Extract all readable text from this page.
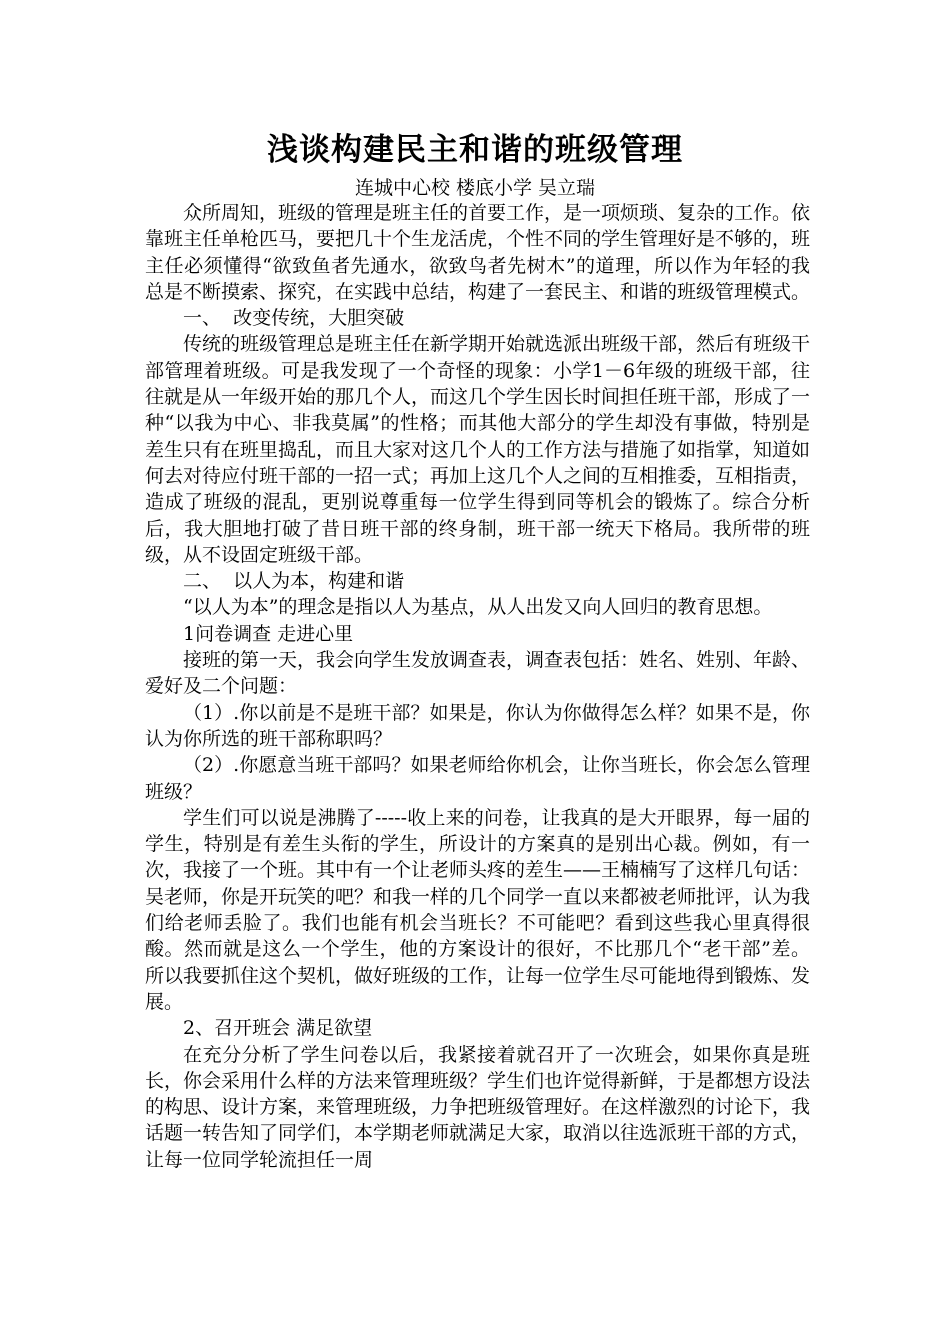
浅谈构建民主和谐的班级管理
连城中心校 楼底小学 吴立瑞

众所周知，班级的管理是班主任的首要工作，是一项烦琐、复杂的工作。依靠班主任单枪匹马，要把几十个生龙活虎，个性不同的学生管理好是不够的，班主任必须懂得“欲致鱼者先通水，欲致鸟者先树木”的道理，所以作为年轻的我总是不断摸索、探究，在实践中总结，构建了一套民主、和谐的班级管理模式。

一、  改变传统，大胆突破

传统的班级管理总是班主任在新学期开始就选派出班级干部，然后有班级干部管理着班级。可是我发现了一个奇怪的现象：小学1－6年级的班级干部，往往就是从一年级开始的那几个人，而这几个学生因长时间担任班干部，形成了一种“以我为中心、非我莫属”的性格；而其他大部分的学生却没有事做，特别是差生只有在班里捣乱，而且大家对这几个人的工作方法与措施了如指掌，知道如何去对待应付班干部的一招一式；再加上这几个人之间的互相推委，互相指责，造成了班级的混乱，更别说尊重每一位学生得到同等机会的锻炼了。综合分析后，我大胆地打破了昔日班干部的终身制，班干部一统天下格局。我所带的班级，从不设固定班级干部。

二、  以人为本，构建和谐

“以人为本”的理念是指以人为基点，从人出发又向人回归的教育思想。

1问卷调查 走进心里

接班的第一天，我会向学生发放调查表，调查表包括：姓名、姓别、年龄、爱好及二个问题：

（1）.你以前是不是班干部？如果是，你认为你做得怎么样？如果不是，你认为你所选的班干部称职吗？

（2）.你愿意当班干部吗？如果老师给你机会，让你当班长，你会怎么管理班级？

学生们可以说是沸腾了-----收上来的问卷，让我真的是大开眼界，每一届的学生，特别是有差生头衔的学生，所设计的方案真的是别出心裁。例如，有一次，我接了一个班。其中有一个让老师头疼的差生——王楠楠写了这样几句话：吴老师，你是开玩笑的吧？和我一样的几个同学一直以来都被老师批评，认为我们给老师丢脸了。我们也能有机会当班长？不可能吧？看到这些我心里真得很酸。然而就是这么一个学生，他的方案设计的很好，不比那几个“老干部”差。所以我要抓住这个契机，做好班级的工作，让每一位学生尽可能地得到锻炼、发展。

2、召开班会 满足欲望

在充分分析了学生问卷以后，我紧接着就召开了一次班会，如果你真是班长，你会采用什么样的方法来管理班级？学生们也许觉得新鲜，于是都想方设法的构思、设计方案，来管理班级，力争把班级管理好。在这样激烈的讨论下，我话题一转告知了同学们，本学期老师就满足大家，取消以往选派班干部的方式，让每一位同学轮流担任一周
